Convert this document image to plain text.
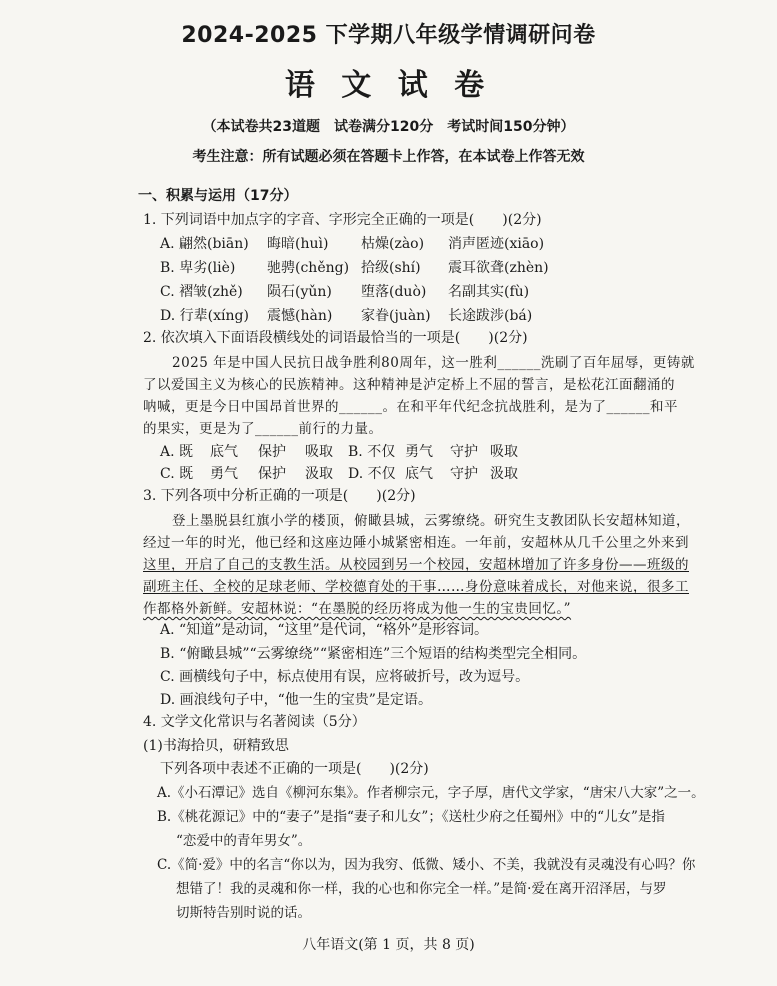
2024-2025 下学期八年级学情调研问卷
语 文 试 卷
（本试卷共23道题　试卷满分120分　考试时间150分钟）
考生注意：所有试题必须在答题卡上作答，在本试卷上作答无效
一、积累与运用（17分）
1. 下列词语中加点字的字音、字形完全正确的一项是(　　)(2分)
A. 翩然(biān) 晦暗(huì) 枯燥(zào) 消声匿迹(xiāo)
B. 卑劣(liè) 驰骋(chěng) 拾级(shí) 震耳欲聋(zhèn)
C. 褶皱(zhě) 陨石(yǔn) 堕落(duò) 名副其实(fù)
D. 行辈(xíng) 震憾(hàn) 家眷(juàn) 长途跋涉(bá)
2. 依次填入下面语段横线处的词语最恰当的一项是(　　)(2分)
2025 年是中国人民抗日战争胜利80周年，这一胜利______洗刷了百年屈辱，更铸就
了以爱国主义为核心的民族精神。这种精神是泸定桥上不屈的誓言，是松花江面翻涌的
呐喊，更是今日中国昂首世界的______。在和平年代纪念抗战胜利，是为了______和平
的果实，更是为了______前行的力量。
A. 既 底气 保护 吸取 B. 不仅 勇气 守护 吸取
C. 既 勇气 保护 汲取 D. 不仅 底气 守护 汲取
3. 下列各项中分析正确的一项是(　　)(2分)
登上墨脱县红旗小学的楼顶，俯瞰县城，云雾缭绕。研究生支教团队长安超林知道，
经过一年的时光，他已经和这座边陲小城紧密相连。一年前，安超林从几千公里之外来到
这里，开启了自己的支教生活。从校园到另一个校园，安超林增加了许多身份——班级的
副班主任、全校的足球老师、学校德育处的干事……身份意味着成长，对他来说，很多工
作都格外新鲜。安超林说：“在墨脱的经历将成为他一生的宝贵回忆。”
A. “知道”是动词，“这里”是代词，“格外”是形容词。
B. “俯瞰县城”“云雾缭绕”“紧密相连”三个短语的结构类型完全相同。
C. 画横线句子中，标点使用有误，应将破折号，改为逗号。
D. 画浪线句子中，“他一生的宝贵”是定语。
4. 文学文化常识与名著阅读（5分）
(1)书海拾贝，研精致思
下列各项中表述不正确的一项是(　　)(2分)
A.《小石潭记》选自《柳河东集》。作者柳宗元，字子厚，唐代文学家，“唐宋八大家”之一。
B.《桃花源记》中的“妻子”是指“妻子和儿女”；《送杜少府之任蜀州》中的“儿女”是指
“恋爱中的青年男女”。
C.《简·爱》中的名言“你以为，因为我穷、低微、矮小、不美，我就没有灵魂没有心吗？你
想错了！我的灵魂和你一样，我的心也和你完全一样。”是简·爱在离开沼泽居，与罗
切斯特告别时说的话。
八年语文(第 1 页，共 8 页)
